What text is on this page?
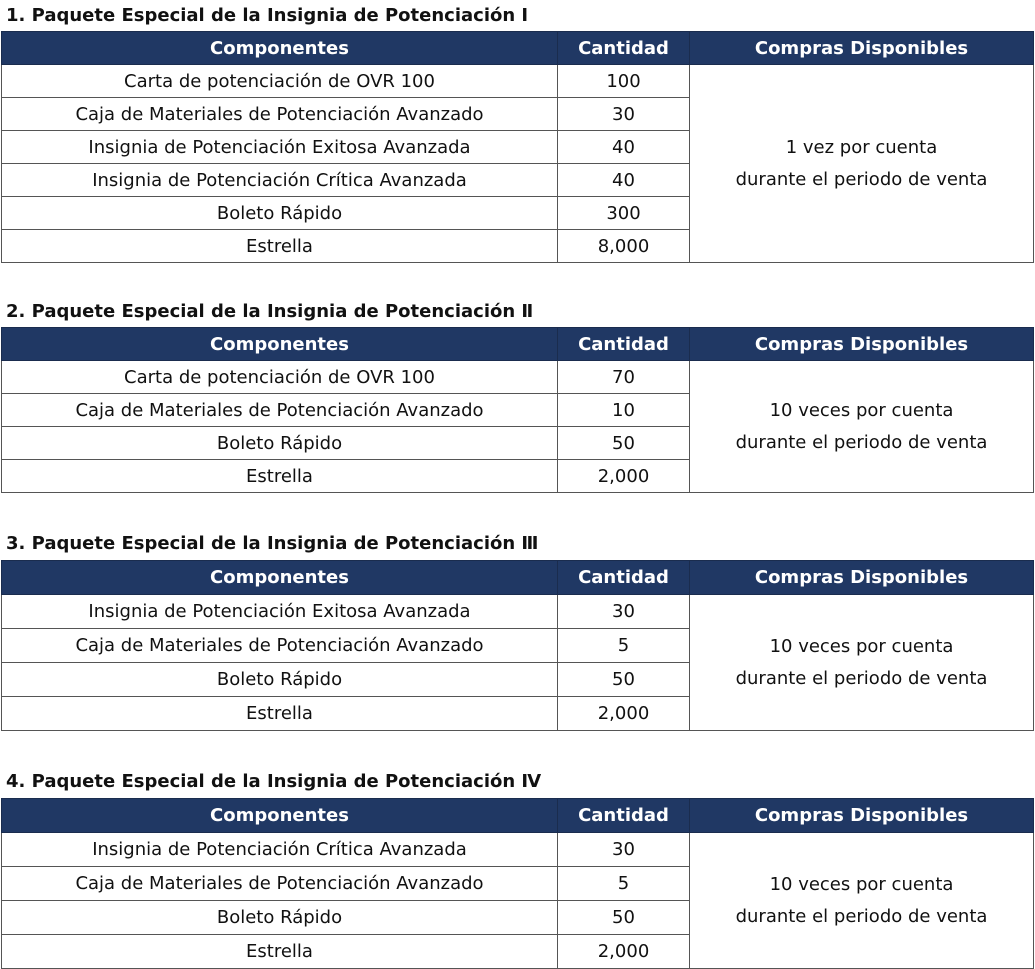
1. Paquete Especial de la Insignia de Potenciación Ⅰ
Componentes	Cantidad	Compras Disponibles
Carta de potenciación de OVR 100	100	1 vez por cuenta
durante el periodo de venta

Caja de Materiales de Potenciación Avanzado	30	
Insignia de Potenciación Exitosa Avanzada	40	
Insignia de Potenciación Crítica Avanzada	40	
Boleto Rápido	300	
Estrella	8,000	
2. Paquete Especial de la Insignia de Potenciación Ⅱ
Componentes	Cantidad	Compras Disponibles
Carta de potenciación de OVR 100	70	10 veces por cuenta
durante el periodo de venta

Caja de Materiales de Potenciación Avanzado	10	
Boleto Rápido	50	
Estrella	2,000	
3. Paquete Especial de la Insignia de Potenciación Ⅲ
Componentes	Cantidad	Compras Disponibles
Insignia de Potenciación Exitosa Avanzada	30	10 veces por cuenta
durante el periodo de venta

Caja de Materiales de Potenciación Avanzado	5	
Boleto Rápido	50	
Estrella	2,000	
4. Paquete Especial de la Insignia de Potenciación Ⅳ
Componentes	Cantidad	Compras Disponibles
Insignia de Potenciación Crítica Avanzada	30	10 veces por cuenta
durante el periodo de venta

Caja de Materiales de Potenciación Avanzado	5	
Boleto Rápido	50	
Estrella	2,000	
